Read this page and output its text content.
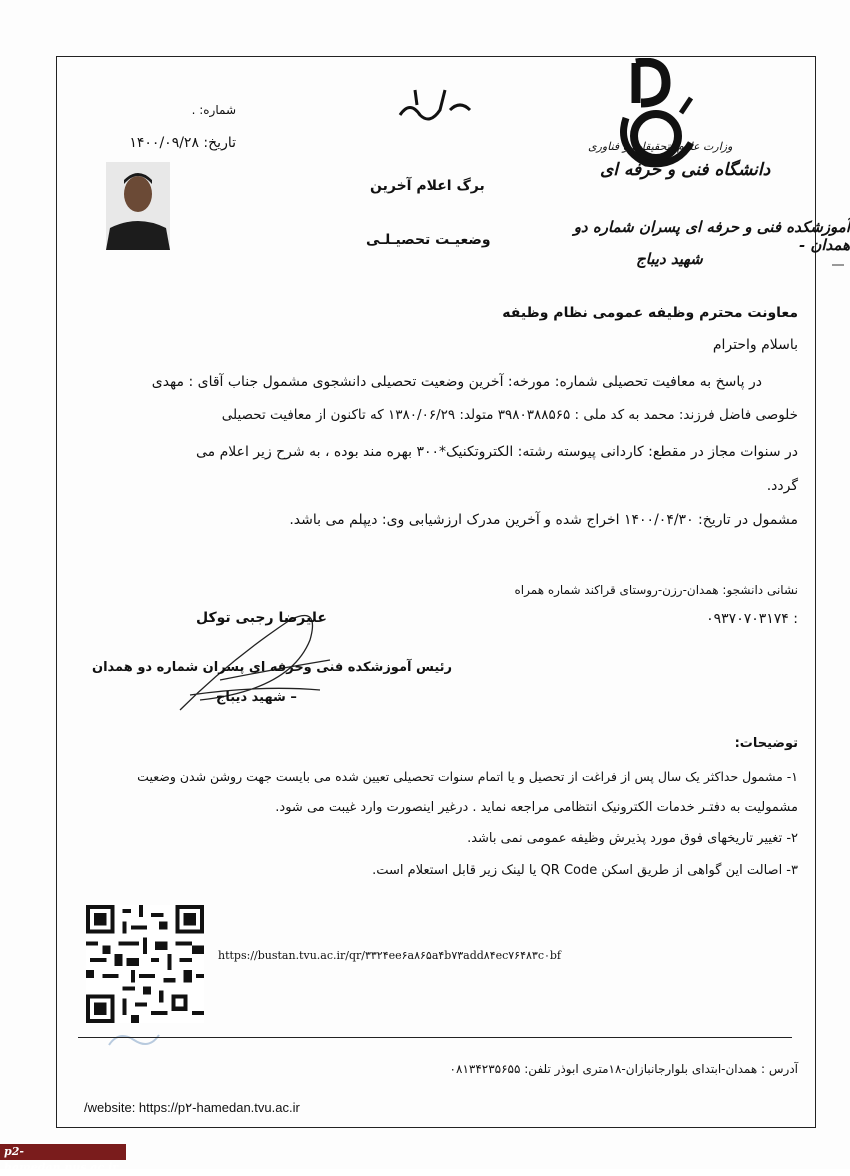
وزارت علوم، تحقیقات و فناوری
دانشگاه فنی و حرفه ای
شماره: .
تاریخ: ۱۴۰۰/۰۹/۲۸
برگ اعلام آخرین
وضعیـت تحصیـلـی
آموزشکده فنی و حرفه ای پسران شماره دو همدان -
شهید دیباج
معاونت محترم وظیفه عمومی نظام وظیفه
باسلام واحترام
در پاسخ به معافیت تحصیلی شماره: مورخه: آخرین وضعیت تحصیلی دانشجوی مشمول جناب آقای : مهدی
خلوصی فاضل فرزند: محمد به کد ملی : ۳۹۸۰۳۸۸۵۶۵ متولد: ۱۳۸۰/۰۶/۲۹ که تاکنون از معافیت تحصیلی
در سنوات مجاز در مقطع: کاردانی پیوسته رشته: الکتروتکنیک*۳۰۰ بهره مند بوده ، به شرح زیر اعلام می
گردد.
مشمول در تاریخ: ۱۴۰۰/۰۴/۳۰ اخراج شده و آخرین مدرک ارزشیابی وی: دیپلم می باشد.
نشانی دانشجو: همدان-رزن-روستای قراکند شماره همراه
: ۰۹۳۷۰۷۰۳۱۷۴
علیرضا رجبی توکل
رئیس آموزشکده فنی وحرفه ای پسران شماره دو همدان
– شهید دیباج
توضیحات:
۱- مشمول حداکثر یک سال پس از فراغت از تحصیل و یا اتمام سنوات تحصیلی تعیین شده می بایست جهت روشن شدن وضعیت
مشمولیت به دفتـر خدمات الکترونیک انتظامی مراجعه نماید . درغیر اینصورت وارد غیبت می شود.
۲- تغییر تاریخهای فوق مورد پذیرش وظیفه عمومی نمی باشد.
۳- اصالت این گواهی از طریق اسکن QR Code یا لینک زیر قابل استعلام است.
https://bustan.tvu.ac.ir/qr/۳۳۲۴ee۶a۸۶۵a۴b۷۳add۸۴ec۷۶۴۸۳c۰bf
آدرس : همدان-ابتدای بلوارجانبازان-۱۸متری ابوذر تلفن: ۰۸۱۳۴۲۳۵۶۵۵
/website: https://p۲-hamedan.tvu.ac.ir
p2-hamedan.nus.ac.ir
